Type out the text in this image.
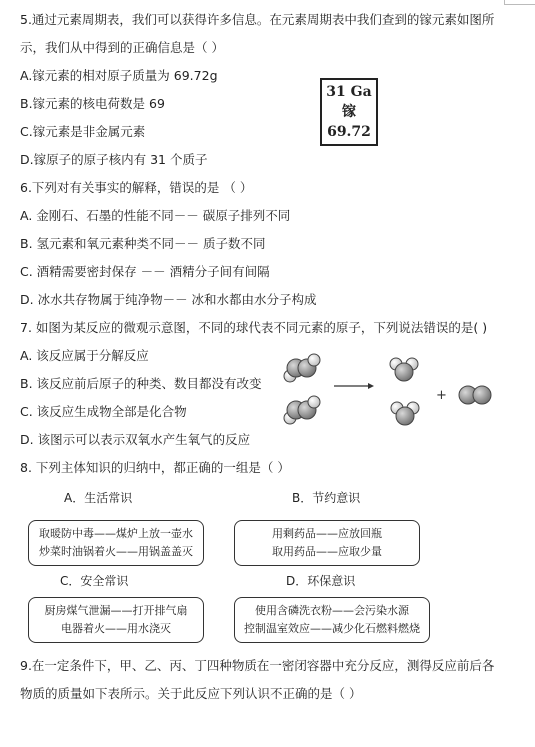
5.通过元素周期表，我们可以获得许多信息。在元素周期表中我们查到的镓元素如图所
示，我们从中得到的正确信息是（ ）
A.镓元素的相对原子质量为 69.72g
B.镓元素的核电荷数是 69
C.镓元素是非金属元素
D.镓原子的原子核内有 31 个质子
31 Ga
镓
69.72
6.下列对有关事实的解释，错误的是 （ ）
A. 金刚石、石墨的性能不同－－ 碳原子排列不同
B. 氢元素和氧元素种类不同－－ 质子数不同
C. 酒精需要密封保存 －－ 酒精分子间有间隔
D. 冰水共存物属于纯净物－－ 冰和水都由水分子构成
7. 如图为某反应的微观示意图，不同的球代表不同元素的原子，下列说法错误的是( )
A. 该反应属于分解反应
B. 该反应前后原子的种类、数目都没有改变
C. 该反应生成物全部是化合物
D. 该图示可以表示双氧水产生氧气的反应
+
8. 下列主体知识的归纳中，都正确的一组是（ ）
A．生活常识	B．节约意识
取暖防中毒——煤炉上放一壶水
炒菜时油锅着火——用锅盖盖灭
用剩药品——应放回瓶
取用药品——应取少量
C．安全常识	D．环保意识
厨房煤气泄漏——打开排气扇
电器着火——用水浇灭
使用含磷洗衣粉——会污染水源
控制温室效应——减少化石燃料燃烧
9.在一定条件下，甲、乙、丙、丁四种物质在一密闭容器中充分反应，测得反应前后各
物质的质量如下表所示。关于此反应下列认识不正确的是（ ）
